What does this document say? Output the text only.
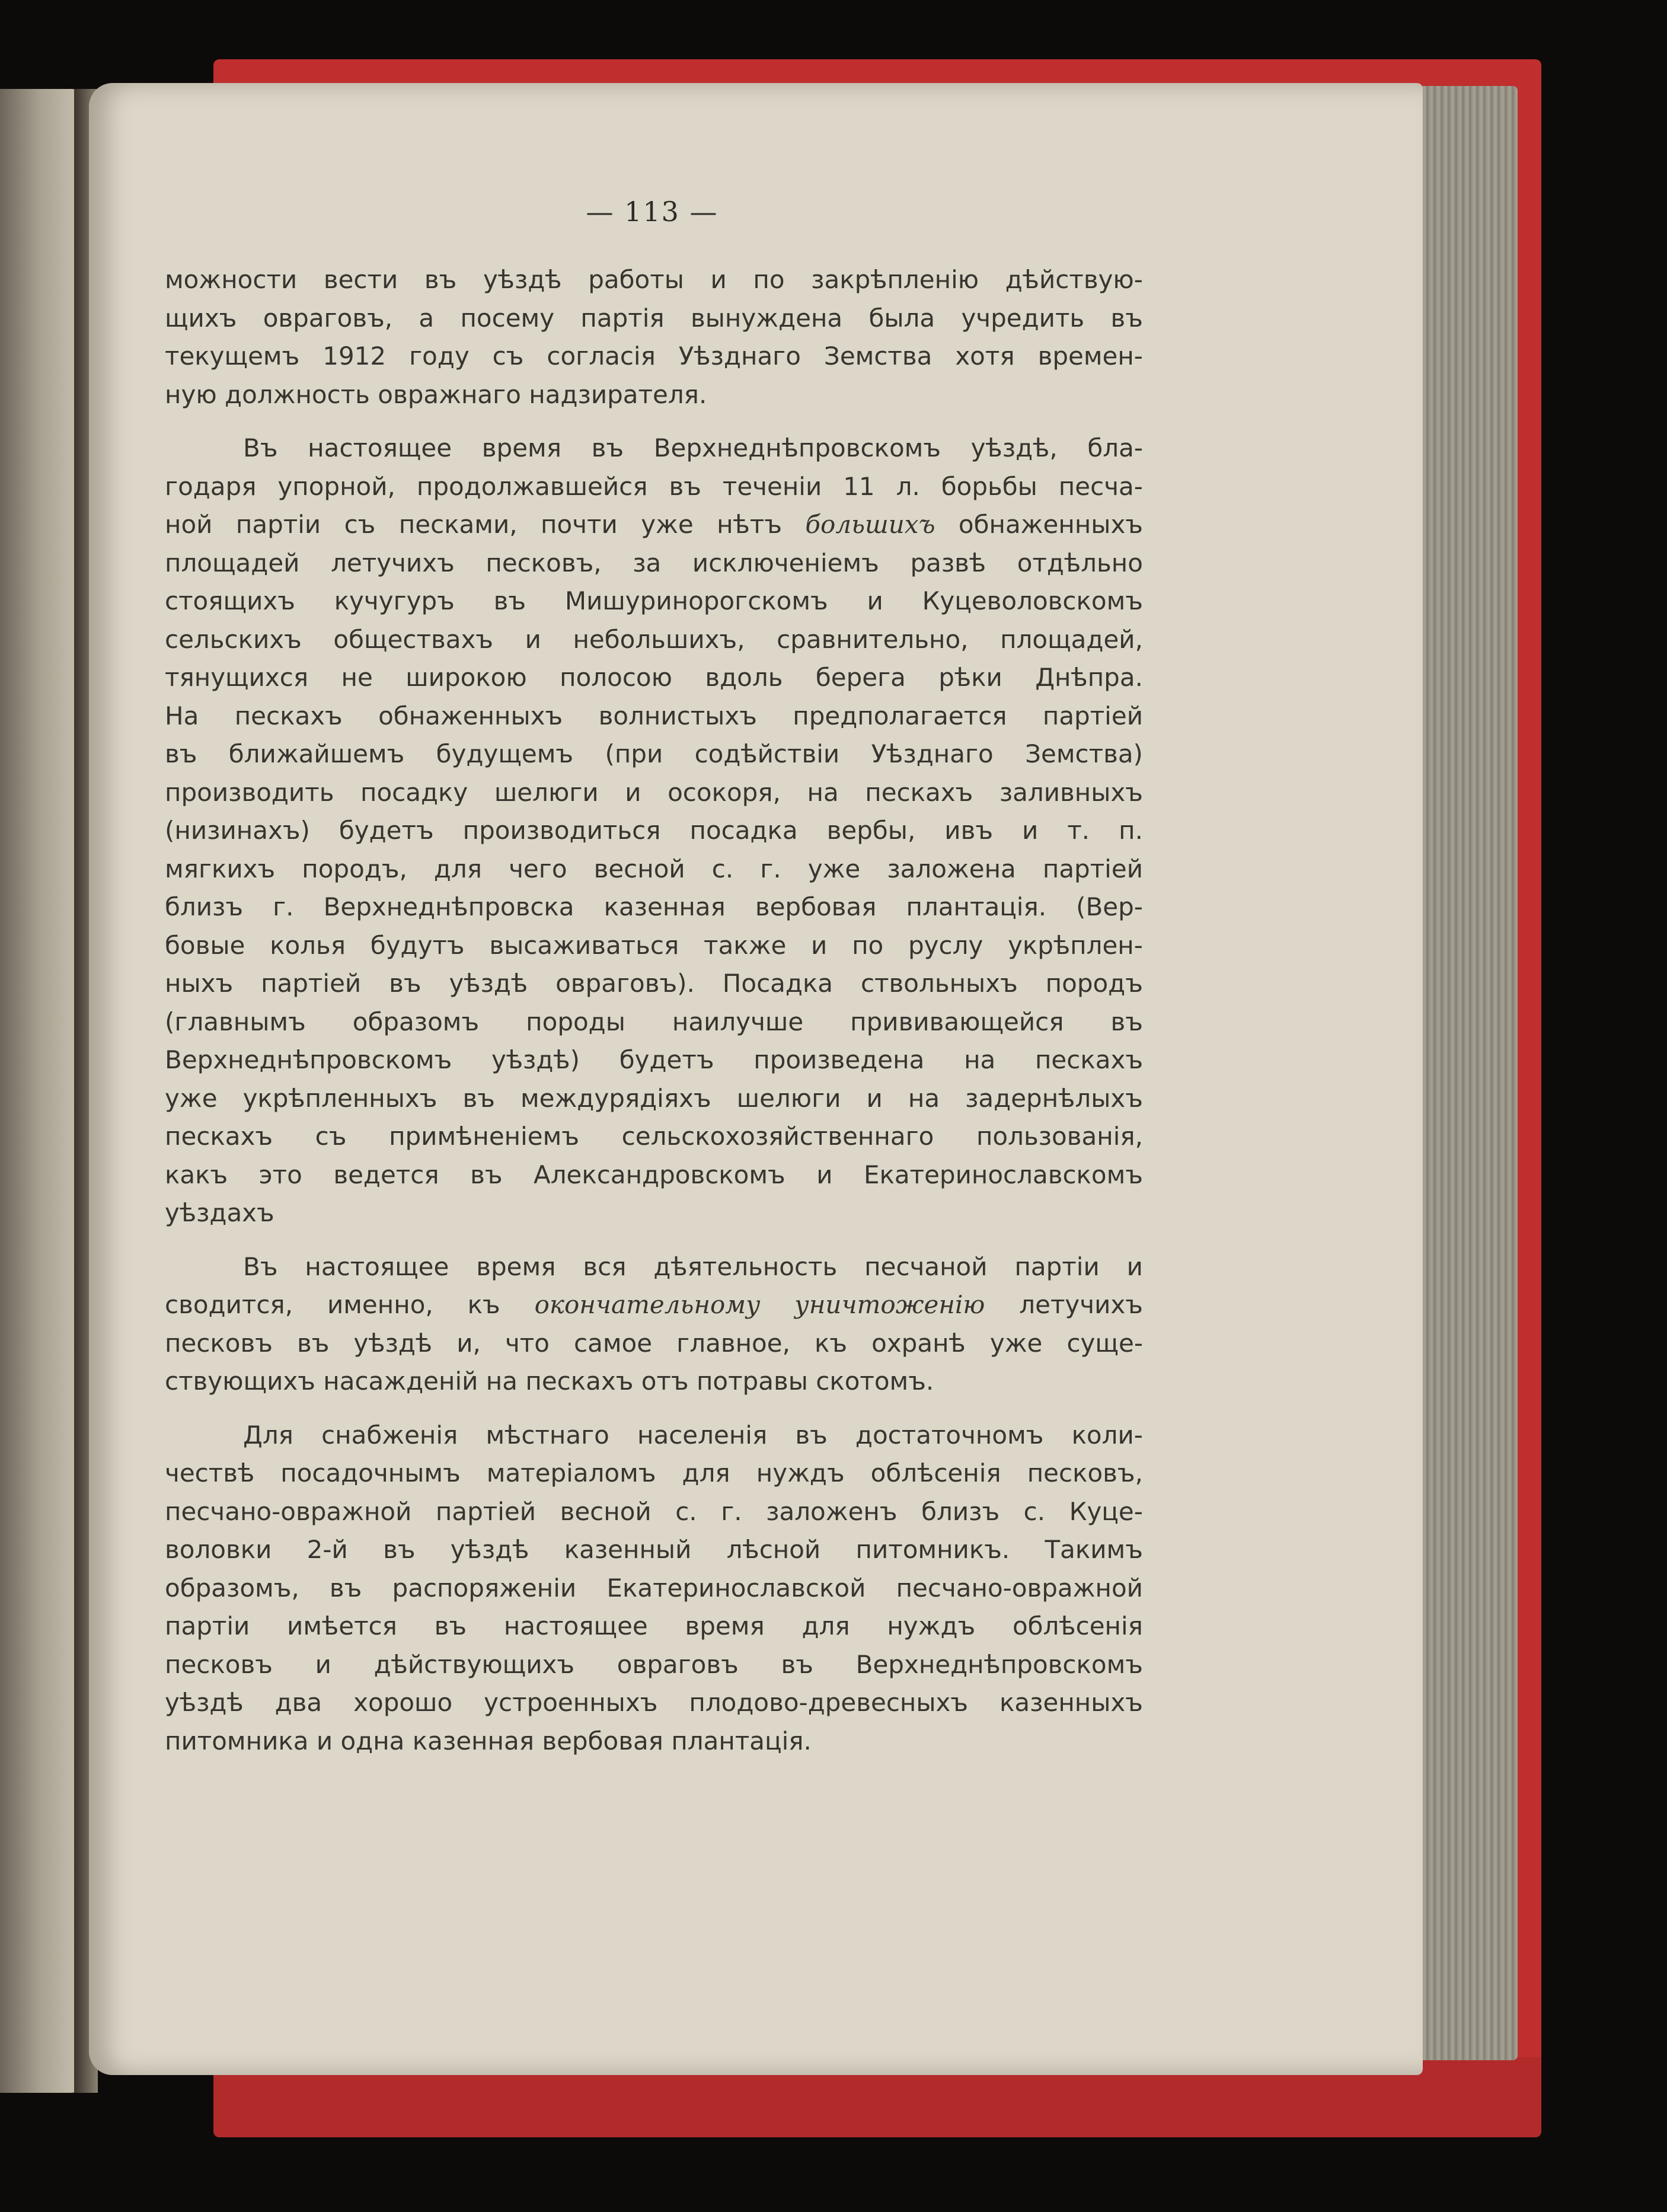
— 113 —
можности вести въ уѣздѣ работы и по закрѣпленію дѣйствую-
щихъ овраговъ, а посему партія вынуждена была учредить въ
текущемъ 1912 году съ согласія Уѣзднаго Земства хотя времен-
ную должность овражнаго надзирателя.
Въ настоящее время въ Верхнеднѣпровскомъ уѣздѣ, бла-
годаря упорной, продолжавшейся въ теченіи 11 л. борьбы песча-
ной партіи съ песками, почти уже нѣтъ большихъ обнаженныхъ
площадей летучихъ песковъ, за исключеніемъ развѣ отдѣльно
стоящихъ кучугуръ въ Мишуринорогскомъ и Куцеволовскомъ
сельскихъ обществахъ и небольшихъ, сравнительно, площадей,
тянущихся не широкою полосою вдоль берега рѣки Днѣпра.
На пескахъ обнаженныхъ волнистыхъ предполагается партіей
въ ближайшемъ будущемъ (при содѣйствіи Уѣзднаго Земства)
производить посадку шелюги и осокоря, на пескахъ заливныхъ
(низинахъ) будетъ производиться посадка вербы, ивъ и т. п.
мягкихъ породъ, для чего весной с. г. уже заложена партіей
близъ г. Верхнеднѣпровска казенная вербовая плантація. (Вер-
бовые колья будутъ высаживаться также и по руслу укрѣплен-
ныхъ партіей въ уѣздѣ овраговъ). Посадка ствольныхъ породъ
(главнымъ образомъ породы наилучше прививающейся въ
Верхнеднѣпровскомъ уѣздѣ) будетъ произведена на пескахъ
уже укрѣпленныхъ въ междурядіяхъ шелюги и на задернѣлыхъ
пескахъ съ примѣненіемъ сельскохозяйственнаго пользованія,
какъ это ведется въ Александровскомъ и Екатеринославскомъ
уѣздахъ
Въ настоящее время вся дѣятельность песчаной партіи и
сводится, именно, къ окончательному уничтоженію летучихъ
песковъ въ уѣздѣ и, что самое главное, къ охранѣ уже суще-
ствующихъ насажденій на пескахъ отъ потравы скотомъ.
Для снабженія мѣстнаго населенія въ достаточномъ коли-
чествѣ посадочнымъ матеріаломъ для нуждъ облѣсенія песковъ,
песчано-овражной партіей весной с. г. заложенъ близъ с. Куце-
воловки 2-й въ уѣздѣ казенный лѣсной питомникъ. Такимъ
образомъ, въ распоряженіи Екатеринославской песчано-овражной
партіи имѣется въ настоящее время для нуждъ облѣсенія
песковъ и дѣйствующихъ овраговъ въ Верхнеднѣпровскомъ
уѣздѣ два хорошо устроенныхъ плодово-древесныхъ казенныхъ
питомника и одна казенная вербовая плантація.
